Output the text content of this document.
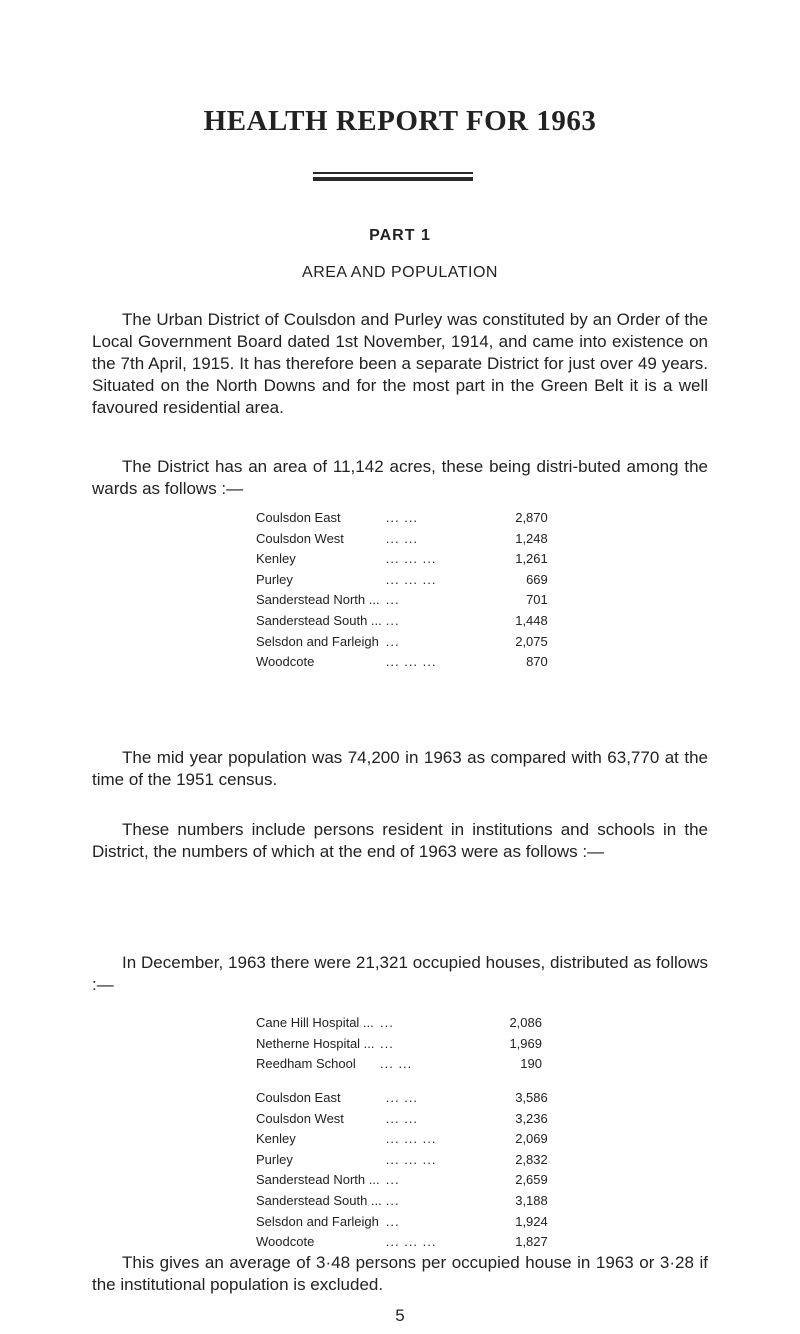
HEALTH REPORT FOR 1963
PART 1
AREA AND POPULATION

The Urban District of Coulsdon and Purley was constituted by an Order of the Local Government Board dated 1st November, 1914, and came into existence on the 7th April, 1915. It has therefore been a separate District for just over 49 years. Situated on the North Downs and for the most part in the Green Belt it is a well favoured residential area.

The District has an area of 11,142 acres, these being distri-buted among the wards as follows :—

Coulsdon East	... ...	2,870
Coulsdon West	... ...	1,248
Kenley	... ... ...	1,261
Purley	... ... ...	669
Sanderstead North ...	...	701
Sanderstead South ...	...	1,448
Selsdon and Farleigh	...	2,075
Woodcote	... ... ...	870

The mid year population was 74,200 in 1963 as compared with 63,770 at the time of the 1951 census.

These numbers include persons resident in institutions and schools in the District, the numbers of which at the end of 1963 were as follows :—

Cane Hill Hospital ...	...	2,086
Netherne Hospital ...	...	1,969
Reedham School	... ...	190

In December, 1963 there were 21,321 occupied houses, distributed as follows :—

Coulsdon East	... ...	3,586
Coulsdon West	... ...	3,236
Kenley	... ... ...	2,069
Purley	... ... ...	2,832
Sanderstead North ...	...	2,659
Sanderstead South ...	...	3,188
Selsdon and Farleigh	...	1,924
Woodcote	... ... ...	1,827

This gives an average of 3·48 persons per occupied house in 1963 or 3·28 if the institutional population is excluded.

5
